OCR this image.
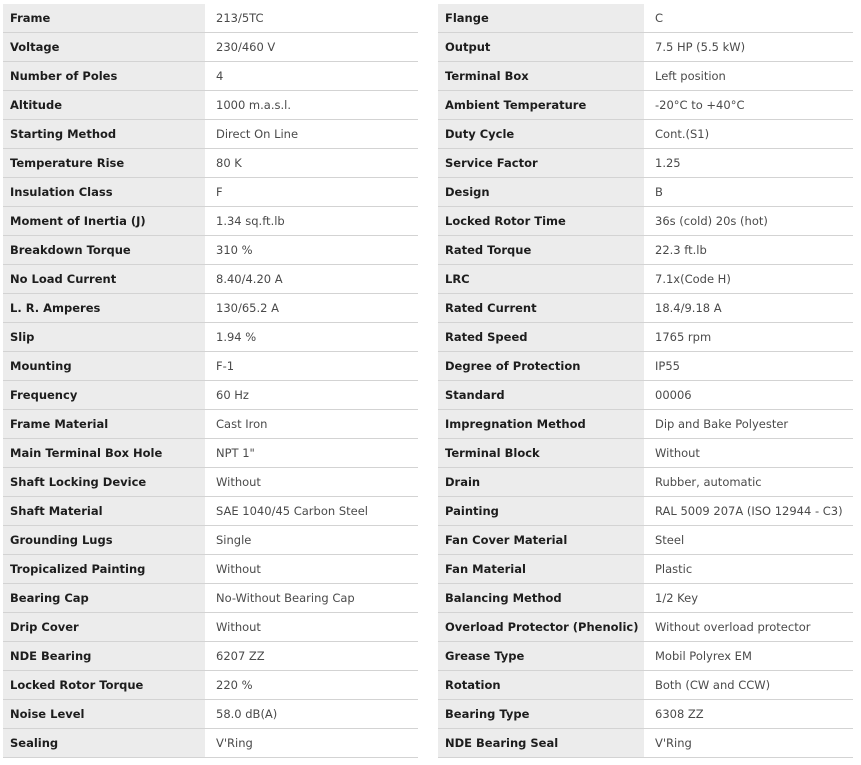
Frame	213/5TC
Voltage	230/460 V
Number of Poles	4
Altitude	1000 m.a.s.l.
Starting Method	Direct On Line
Temperature Rise	80 K
Insulation Class	F
Moment of Inertia (J)	1.34 sq.ft.lb
Breakdown Torque	310 %
No Load Current	8.40/4.20 A
L. R. Amperes	130/65.2 A
Slip	1.94 %
Mounting	F-1
Frequency	60 Hz
Frame Material	Cast Iron
Main Terminal Box Hole	NPT 1"
Shaft Locking Device	Without
Shaft Material	SAE 1040/45 Carbon Steel
Grounding Lugs	Single
Tropicalized Painting	Without
Bearing Cap	No-Without Bearing Cap
Drip Cover	Without
NDE Bearing	6207 ZZ
Locked Rotor Torque	220 %
Noise Level	58.0 dB(A)
Sealing	V'Ring
Flange	C
Output	7.5 HP (5.5 kW)
Terminal Box	Left position
Ambient Temperature	-20°C to +40°C
Duty Cycle	Cont.(S1)
Service Factor	1.25
Design	B
Locked Rotor Time	36s (cold) 20s (hot)
Rated Torque	22.3 ft.lb
LRC	7.1x(Code H)
Rated Current	18.4/9.18 A
Rated Speed	1765 rpm
Degree of Protection	IP55
Standard	00006
Impregnation Method	Dip and Bake Polyester
Terminal Block	Without
Drain	Rubber, automatic
Painting	RAL 5009 207A (ISO 12944 - C3)
Fan Cover Material	Steel
Fan Material	Plastic
Balancing Method	1/2 Key
Overload Protector (Phenolic)	Without overload protector
Grease Type	Mobil Polyrex EM
Rotation	Both (CW and CCW)
Bearing Type	6308 ZZ
NDE Bearing Seal	V'Ring
